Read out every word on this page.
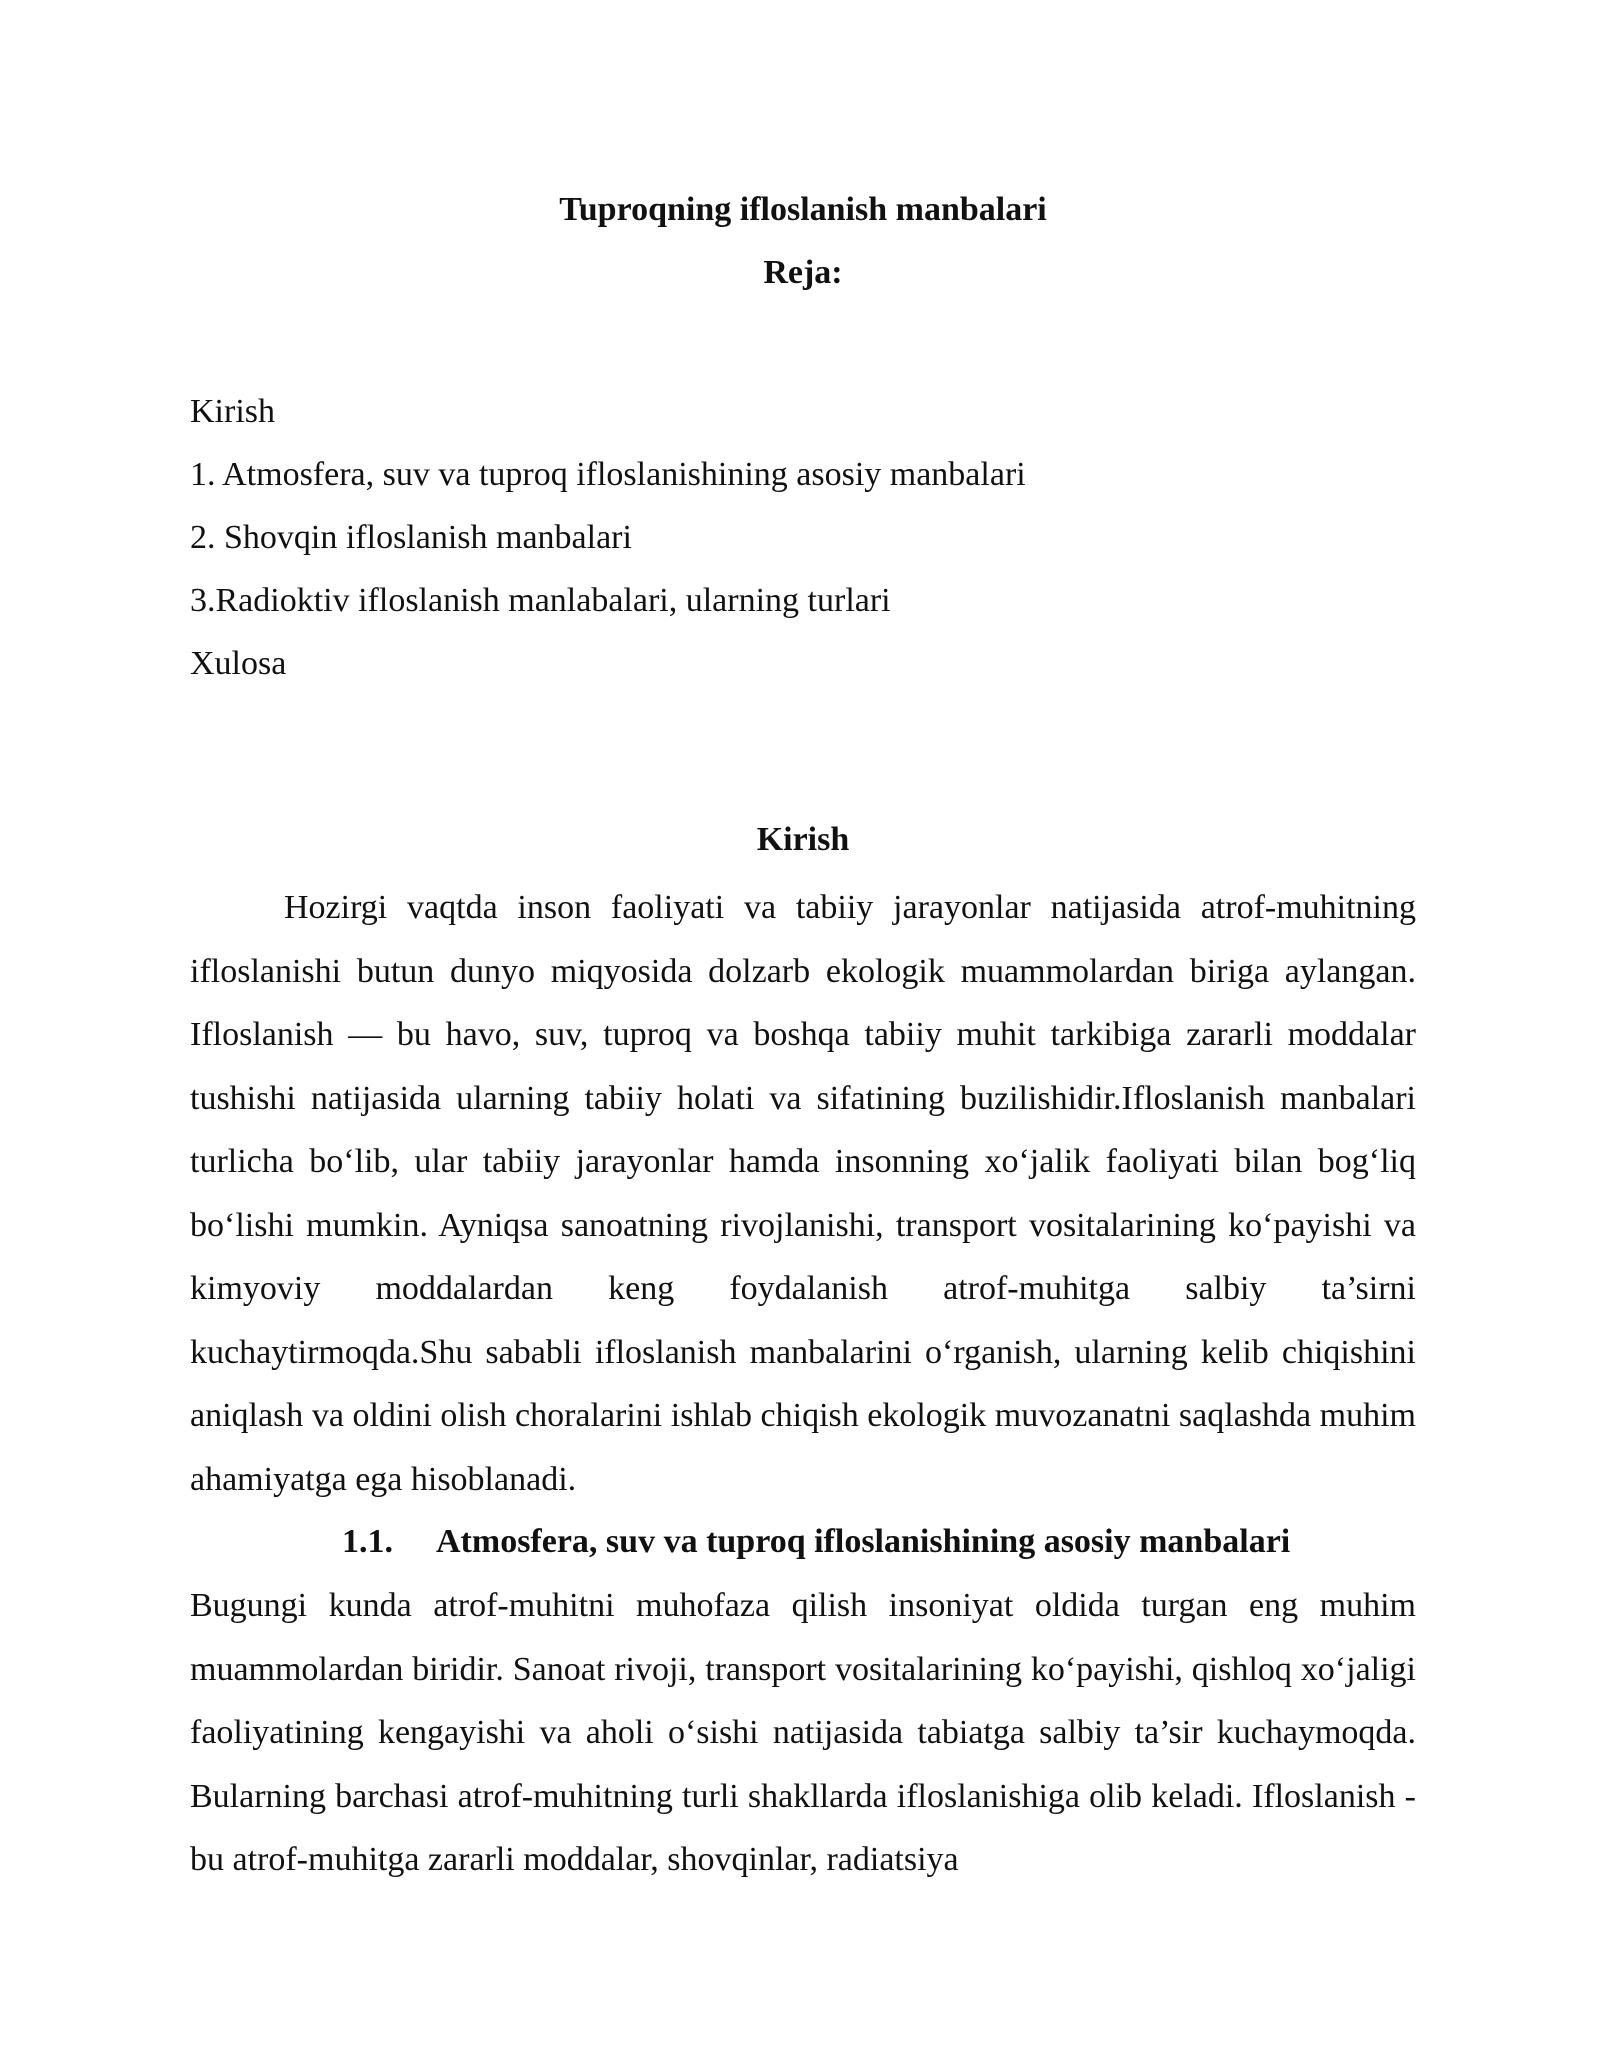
Tuproqning ifloslanish manbalari
Reja:
Kirish
1. Atmosfera, suv va tuproq ifloslanishining asosiy manbalari
2. Shovqin ifloslanish manbalari
3.Radioktiv ifloslanish manlabalari, ularning turlari
Xulosa
Kirish

Hozirgi vaqtda inson faoliyati va tabiiy jarayonlar natijasida atrof-muhitning ifloslanishi butun dunyo miqyosida dolzarb ekologik muammolardan biriga aylangan. Ifloslanish — bu havo, suv, tuproq va boshqa tabiiy muhit tarkibiga zararli moddalar tushishi natijasida ularning tabiiy holati va sifatining buzilishidir.Ifloslanish manbalari turlicha bo‘lib, ular tabiiy jarayonlar hamda insonning xo‘jalik faoliyati bilan bog‘liq bo‘lishi mumkin. Ayniqsa sanoatning rivojlanishi, transport vositalarining ko‘payishi va kimyoviy moddalardan keng foydalanish atrof-muhitga salbiy ta’sirni kuchaytirmoqda.Shu sababli ifloslanish manbalarini o‘rganish, ularning kelib chiqishini aniqlash va oldini olish choralarini ishlab chiqish ekologik muvozanatni saqlashda muhim ahamiyatga ega hisoblanadi.

1.1. Atmosfera, suv va tuproq ifloslanishining asosiy manbalari

Bugungi kunda atrof-muhitni muhofaza qilish insoniyat oldida turgan eng muhim muammolardan biridir. Sanoat rivoji, transport vositalarining ko‘payishi, qishloq xo‘jaligi faoliyatining kengayishi va aholi o‘sishi natijasida tabiatga salbiy ta’sir kuchaymoqda. Bularning barchasi atrof-muhitning turli shakllarda ifloslanishiga olib keladi. Ifloslanish - bu atrof-muhitga zararli moddalar, shovqinlar, radiatsiya
